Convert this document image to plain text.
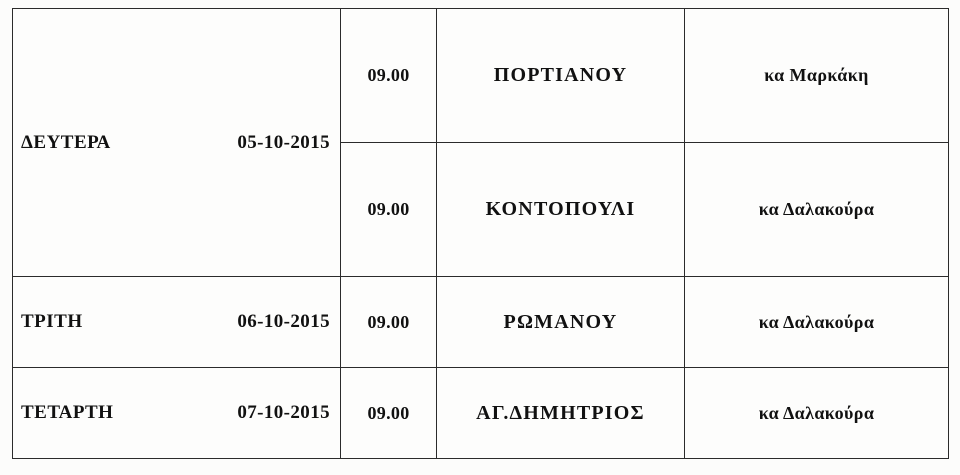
ΔΕΥΤΕΡΑ 05-10-2015	09.00	ΠΟΡΤΙΑΝΟΥ	κα Μαρκάκη
	09.00	ΚΟΝΤΟΠΟΥΛΙ	κα Δαλακούρα

ΤΡΙΤΗ 06-10-2015	09.00	ΡΩΜΑΝΟΥ	κα Δαλακούρα

ΤΕΤΑΡΤΗ 07-10-2015	09.00	ΑΓ.ΔΗΜΗΤΡΙΟΣ	κα Δαλακούρα
